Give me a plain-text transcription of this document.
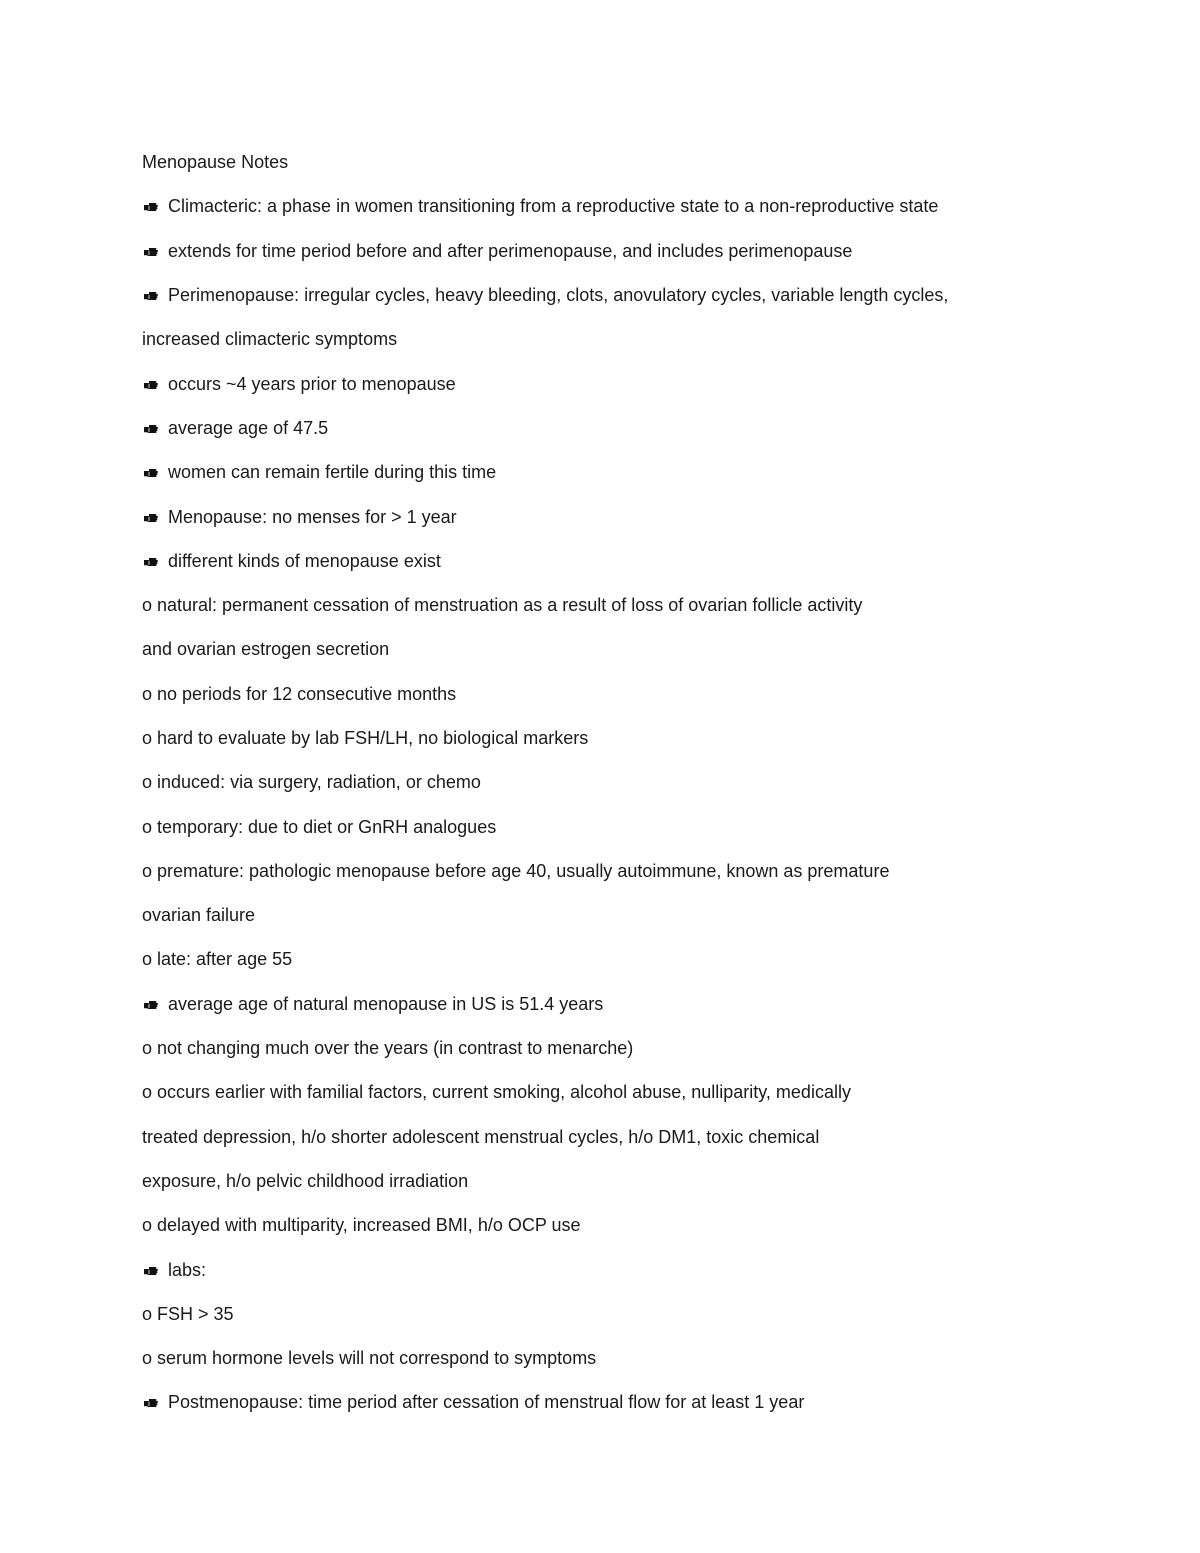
Menopause Notes
Climacteric: a phase in women transitioning from a reproductive state to a non-reproductive state
extends for time period before and after perimenopause, and includes perimenopause
Perimenopause: irregular cycles, heavy bleeding, clots, anovulatory cycles, variable length cycles,
increased climacteric symptoms
occurs ~4 years prior to menopause
average age of 47.5
women can remain fertile during this time
Menopause: no menses for > 1 year
different kinds of menopause exist
o natural: permanent cessation of menstruation as a result of loss of ovarian follicle activity
and ovarian estrogen secretion
o no periods for 12 consecutive months
o hard to evaluate by lab FSH/LH, no biological markers
o induced: via surgery, radiation, or chemo
o temporary: due to diet or GnRH analogues
o premature: pathologic menopause before age 40, usually autoimmune, known as premature
ovarian failure
o late: after age 55
average age of natural menopause in US is 51.4 years
o not changing much over the years (in contrast to menarche)
o occurs earlier with familial factors, current smoking, alcohol abuse, nulliparity, medically
treated depression, h/o shorter adolescent menstrual cycles, h/o DM1, toxic chemical
exposure, h/o pelvic childhood irradiation
o delayed with multiparity, increased BMI, h/o OCP use
labs:
o FSH > 35
o serum hormone levels will not correspond to symptoms
Postmenopause: time period after cessation of menstrual flow for at least 1 year
